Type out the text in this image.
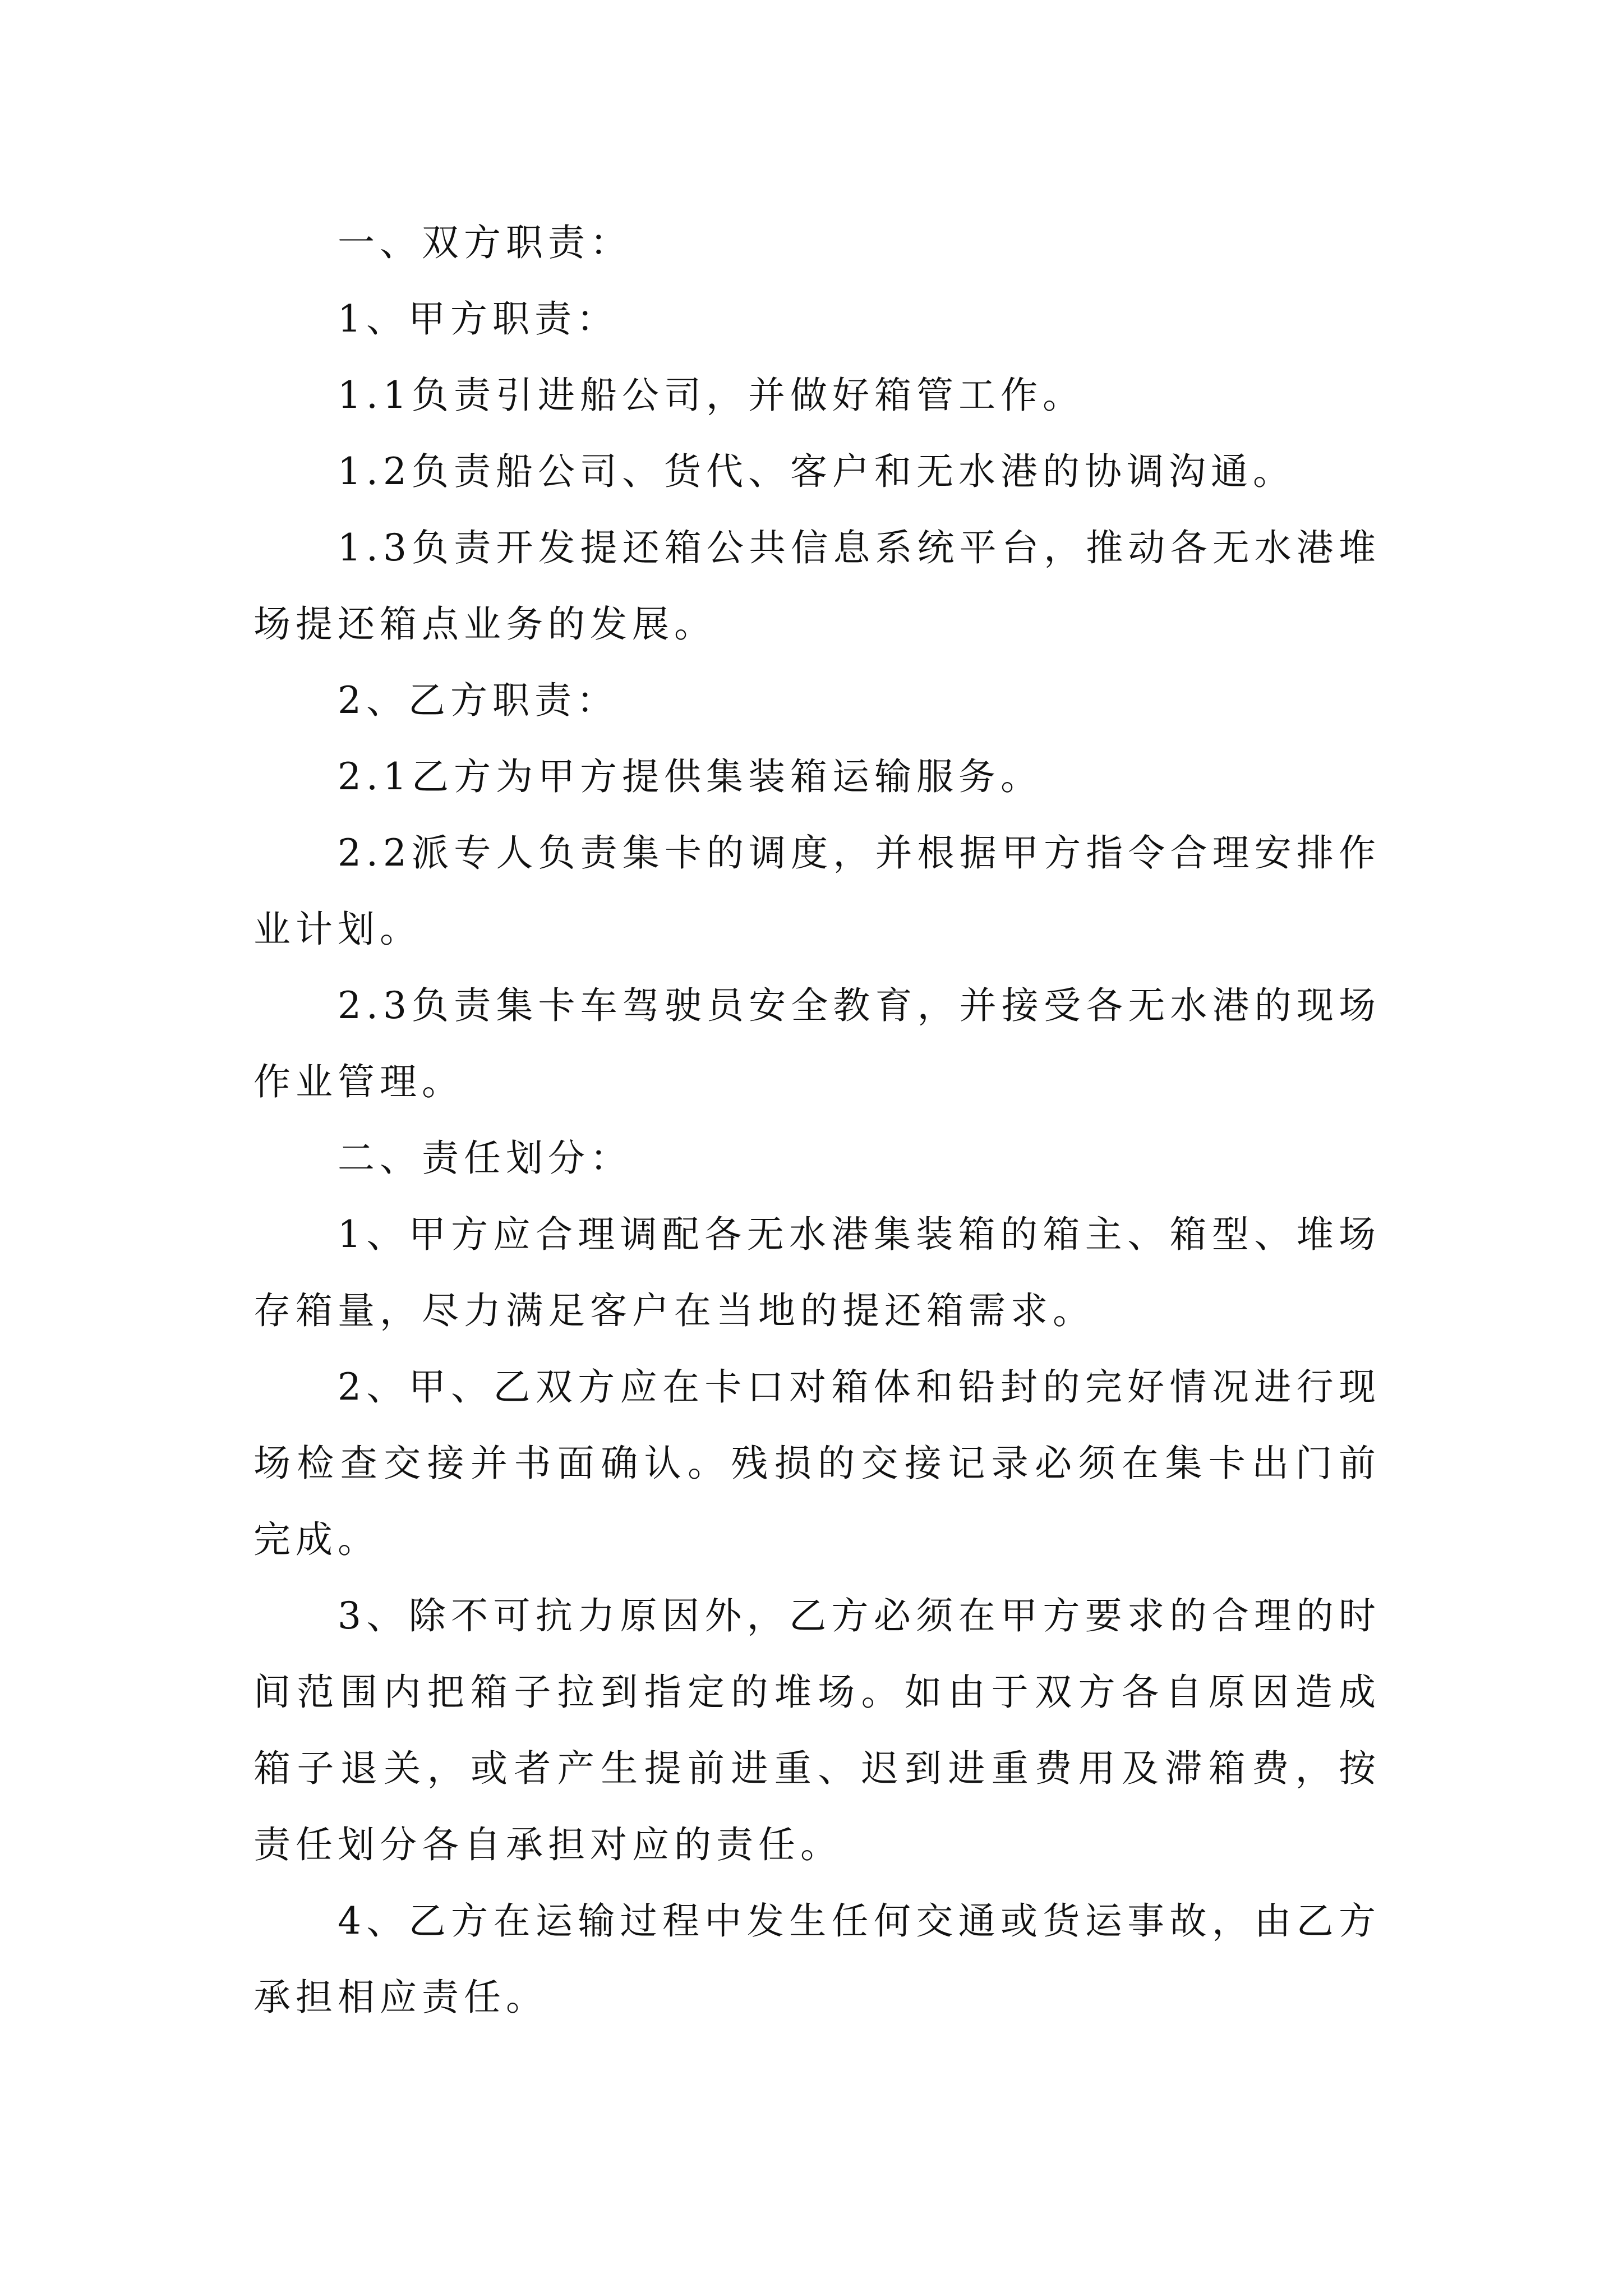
一、双方职责：

1、甲方职责：

1.1负责引进船公司，并做好箱管工作。

1.2负责船公司、货代、客户和无水港的协调沟通。

1.3负责开发提还箱公共信息系统平台，推动各无水港堆场提还箱点业务的发展。

2、乙方职责：

2.1乙方为甲方提供集装箱运输服务。

2.2派专人负责集卡的调度，并根据甲方指令合理安排作业计划。

2.3负责集卡车驾驶员安全教育，并接受各无水港的现场作业管理。

二、责任划分：

1、甲方应合理调配各无水港集装箱的箱主、箱型、堆场存箱量，尽力满足客户在当地的提还箱需求。

2、甲、乙双方应在卡口对箱体和铅封的完好情况进行现场检查交接并书面确认。残损的交接记录必须在集卡出门前完成。

3、除不可抗力原因外，乙方必须在甲方要求的合理的时间范围内把箱子拉到指定的堆场。如由于双方各自原因造成箱子退关，或者产生提前进重、迟到进重费用及滞箱费，按责任划分各自承担对应的责任。

4、乙方在运输过程中发生任何交通或货运事故，由乙方承担相应责任。
